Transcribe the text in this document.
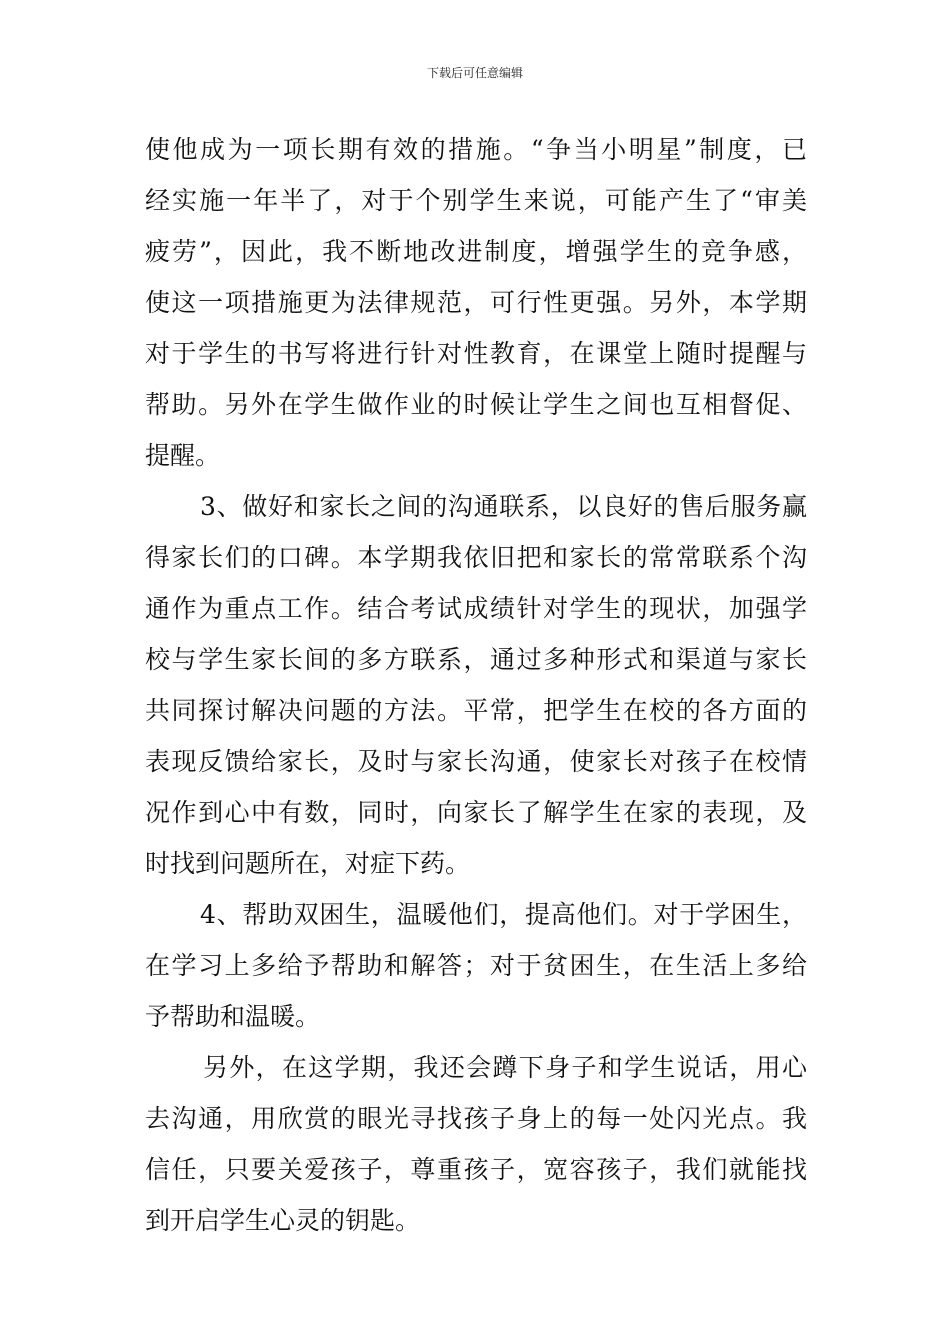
下载后可任意编辑
使他成为一项长期有效的措施。“争当小明星”制度，已
经实施一年半了，对于个别学生来说，可能产生了“审美
疲劳”，因此，我不断地改进制度，增强学生的竞争感，
使这一项措施更为法律规范，可行性更强。另外，本学期
对于学生的书写将进行针对性教育，在课堂上随时提醒与
帮助。另外在学生做作业的时候让学生之间也互相督促、
提醒。
3、做好和家长之间的沟通联系，以良好的售后服务赢
得家长们的口碑。本学期我依旧把和家长的常常联系个沟
通作为重点工作。结合考试成绩针对学生的现状，加强学
校与学生家长间的多方联系，通过多种形式和渠道与家长
共同探讨解决问题的方法。平常，把学生在校的各方面的
表现反馈给家长，及时与家长沟通，使家长对孩子在校情
况作到心中有数，同时，向家长了解学生在家的表现，及
时找到问题所在，对症下药。
4、帮助双困生，温暖他们，提高他们。对于学困生，
在学习上多给予帮助和解答；对于贫困生，在生活上多给
予帮助和温暖。
另外，在这学期，我还会蹲下身子和学生说话，用心
去沟通，用欣赏的眼光寻找孩子身上的每一处闪光点。我
信任，只要关爱孩子，尊重孩子，宽容孩子，我们就能找
到开启学生心灵的钥匙。
